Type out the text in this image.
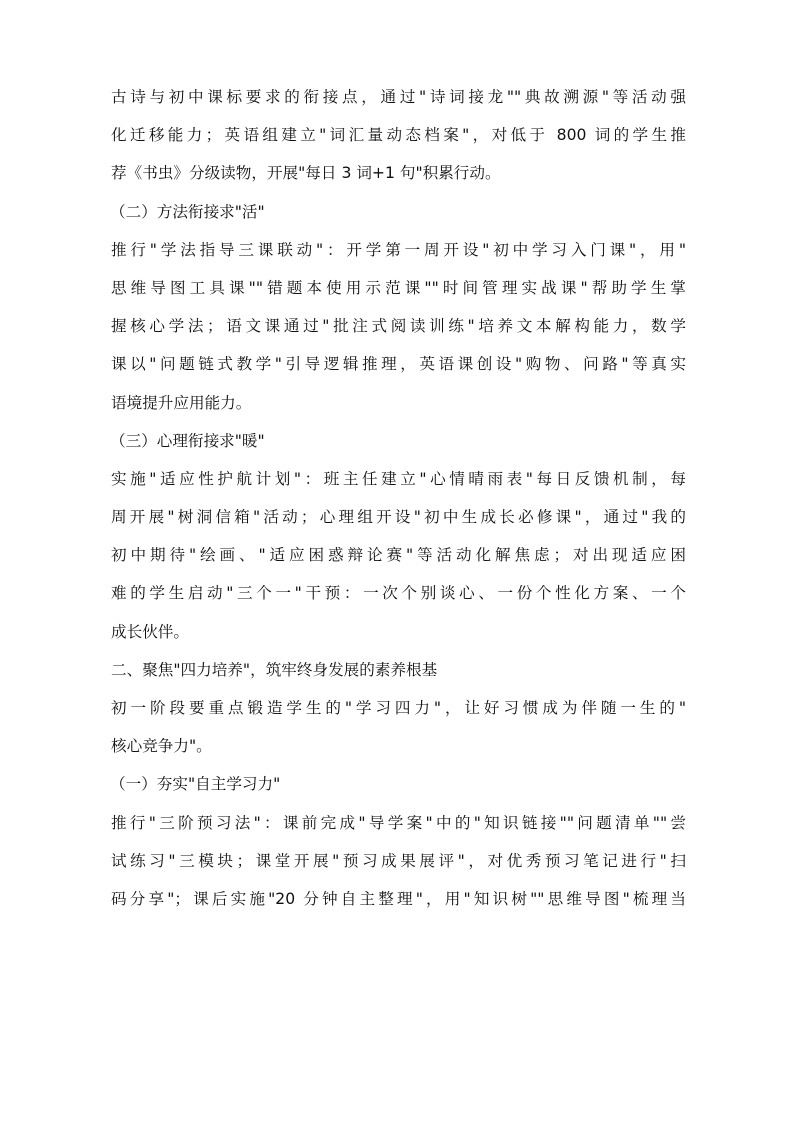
古诗与初中课标要求的衔接点，通过"诗词接龙""典故溯源"等活动强
化迁移能力；英语组建立"词汇量动态档案"，对低于 800 词的学生推
荐《书虫》分级读物，开展"每日 3 词+1 句"积累行动。
（二）方法衔接求"活"
推行"学法指导三课联动"：开学第一周开设"初中学习入门课"，用"
思维导图工具课""错题本使用示范课""时间管理实战课"帮助学生掌
握核心学法；语文课通过"批注式阅读训练"培养文本解构能力，数学
课以"问题链式教学"引导逻辑推理，英语课创设"购物、问路"等真实
语境提升应用能力。
（三）心理衔接求"暖"
实施"适应性护航计划"：班主任建立"心情晴雨表"每日反馈机制，每
周开展"树洞信箱"活动；心理组开设"初中生成长必修课"，通过"我的
初中期待"绘画、"适应困惑辩论赛"等活动化解焦虑；对出现适应困
难的学生启动"三个一"干预：一次个别谈心、一份个性化方案、一个
成长伙伴。
二、聚焦"四力培养"，筑牢终身发展的素养根基
初一阶段要重点锻造学生的"学习四力"，让好习惯成为伴随一生的"
核心竞争力"。
（一）夯实"自主学习力"
推行"三阶预习法"：课前完成"导学案"中的"知识链接""问题清单""尝
试练习"三模块；课堂开展"预习成果展评"，对优秀预习笔记进行"扫
码分享"；课后实施"20 分钟自主整理"，用"知识树""思维导图"梳理当
